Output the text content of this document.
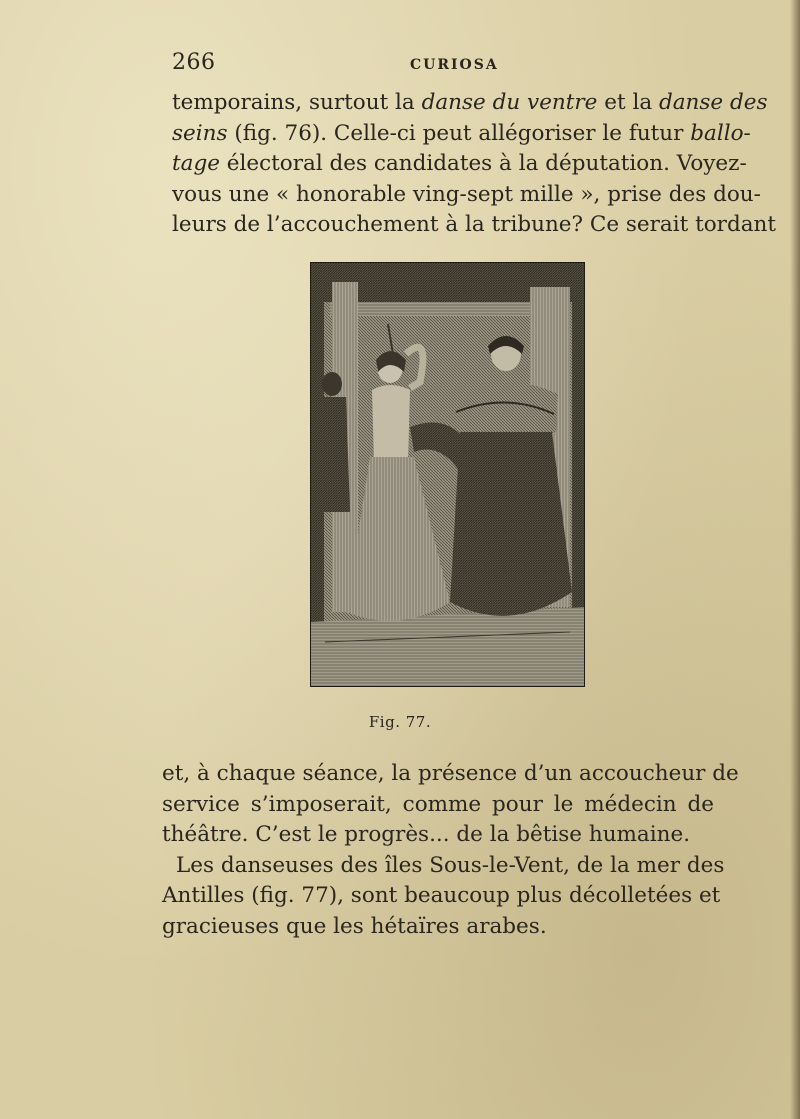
266	CURIOSA
temporains, surtout la danse du ventre et la danse des
seins (fig. 76). Celle-ci peut allégoriser le futur ballo-
tage électoral des candidates à la députation. Voyez-
vous une « honorable ving-sept mille », prise des dou-
leurs de l’accouchement à la tribune? Ce serait tordant
Fig. 77.
et, à chaque séance, la présence d’un accoucheur de
service s’imposerait, comme pour le médecin de
théâtre. C’est le progrès... de la bêtise humaine.
Les danseuses des îles Sous-le-Vent, de la mer des
Antilles (fig. 77), sont beaucoup plus décolletées et
gracieuses que les hétaïres arabes.
